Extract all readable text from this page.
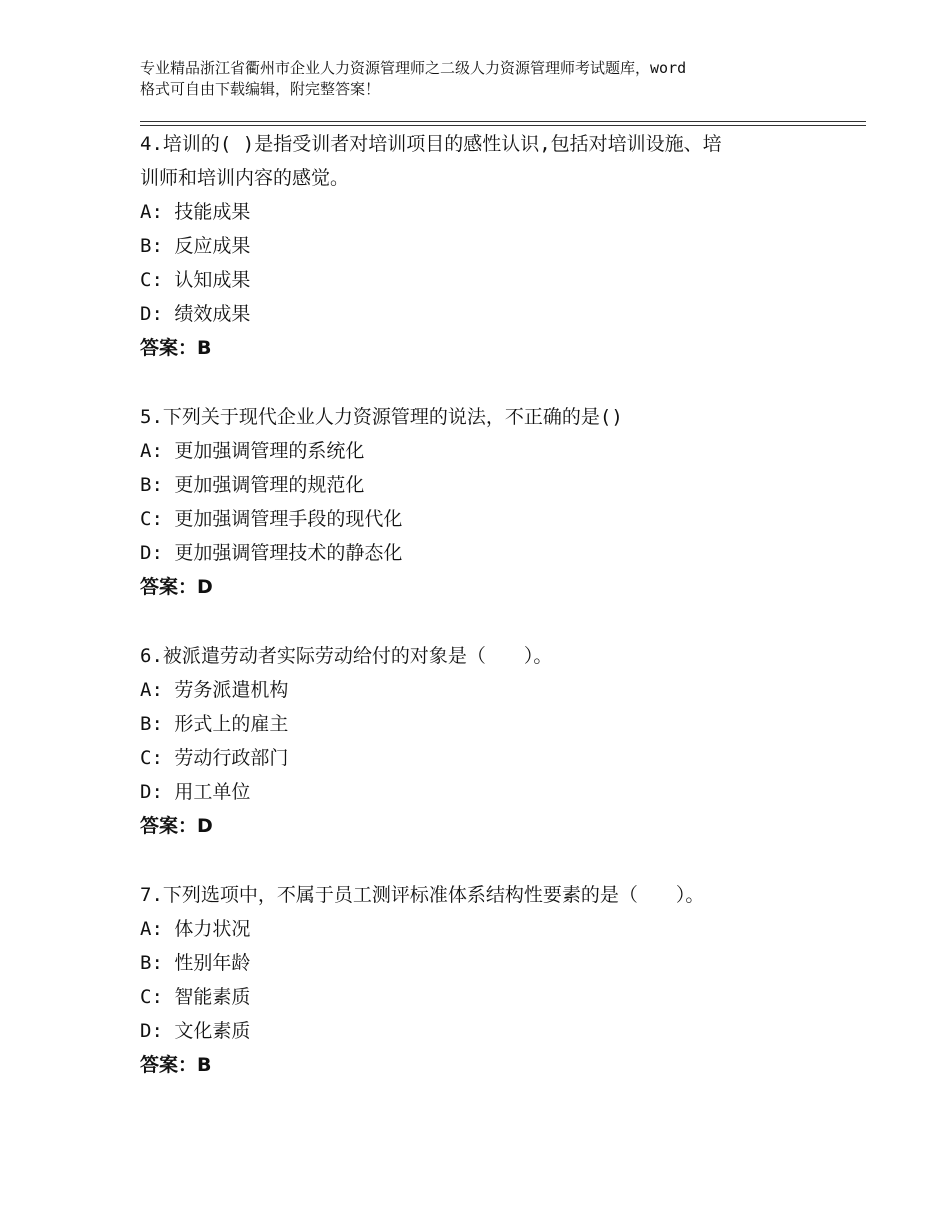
专业精品浙江省衢州市企业人力资源管理师之二级人力资源管理师考试题库，word
格式可自由下载编辑，附完整答案！
4.培训的( )是指受训者对培训项目的感性认识,包括对培训设施、培
训师和培训内容的感觉。
A: 技能成果
B: 反应成果
C: 认知成果
D: 绩效成果
答案：B
5.下列关于现代企业人力资源管理的说法，不正确的是()
A: 更加强调管理的系统化
B: 更加强调管理的规范化
C: 更加强调管理手段的现代化
D: 更加强调管理技术的静态化
答案：D
6.被派遣劳动者实际劳动给付的对象是（　　）。
A: 劳务派遣机构
B: 形式上的雇主
C: 劳动行政部门
D: 用工单位
答案：D
7.下列选项中，不属于员工测评标准体系结构性要素的是（　　）。
A: 体力状况
B: 性别年龄
C: 智能素质
D: 文化素质
答案：B
